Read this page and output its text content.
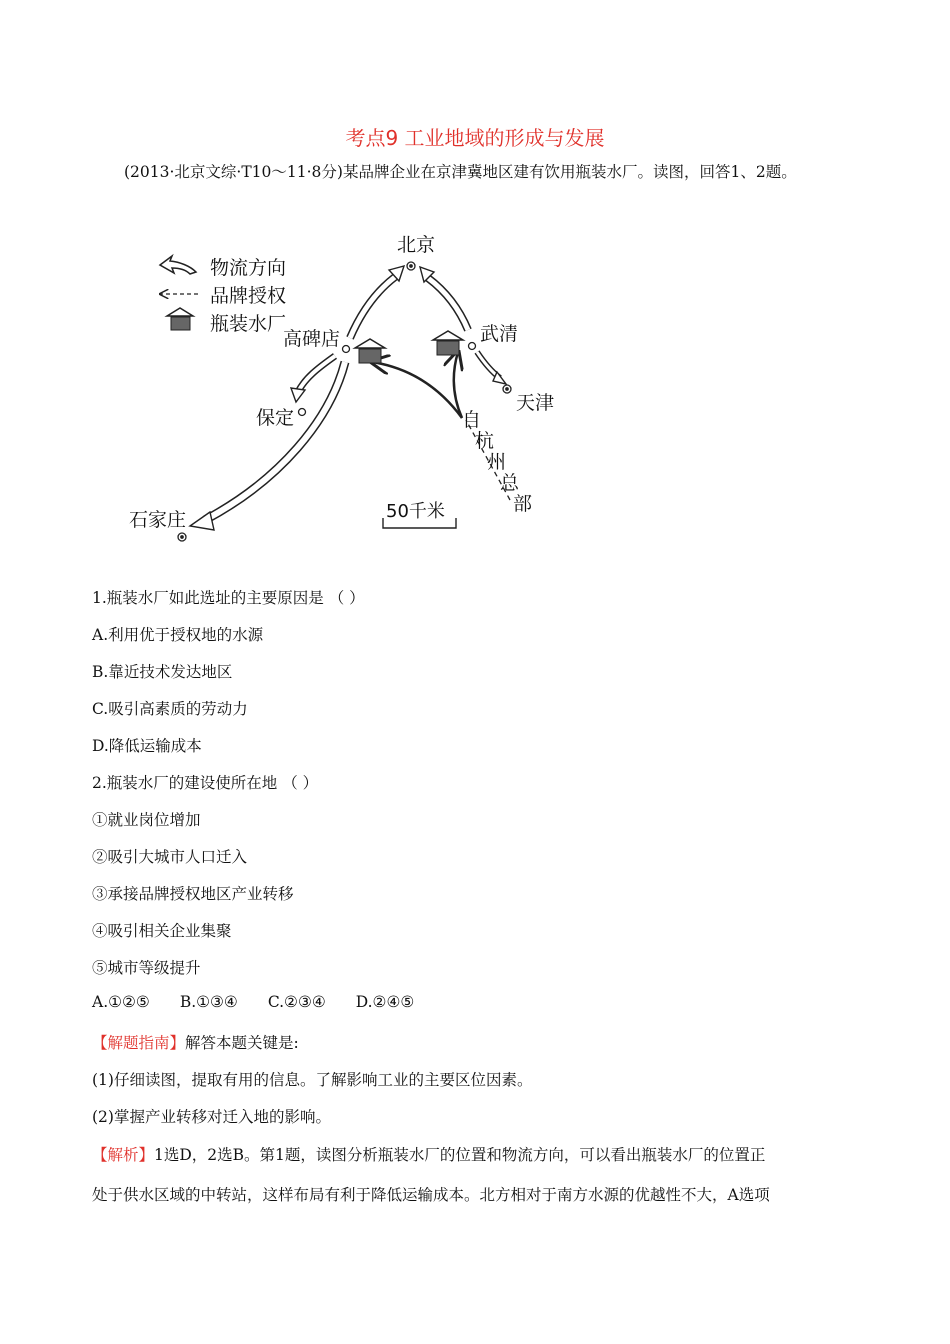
考点9 工业地域的形成与发展
(2013·北京文综·T10～11·8分)某品牌企业在京津冀地区建有饮用瓶装水厂。读图，回答1、2题。
物流方向
品牌授权
瓶装水厂
北京
高碑店	武清
天津
保定
石家庄
自
杭
州
总
部
50千米
1.瓶装水厂如此选址的主要原因是 （ ）
A.利用优于授权地的水源
B.靠近技术发达地区
C.吸引高素质的劳动力
D.降低运输成本
2.瓶装水厂的建设使所在地 （ ）
①就业岗位增加
②吸引大城市人口迁入
③承接品牌授权地区产业转移
④吸引相关企业集聚
⑤城市等级提升
A.①②⑤ B.①③④ C.②③④ D.②④⑤
【解题指南】解答本题关键是:
(1)仔细读图，提取有用的信息。了解影响工业的主要区位因素。
(2)掌握产业转移对迁入地的影响。
【解析】1选D，2选B。第1题，读图分析瓶装水厂的位置和物流方向，可以看出瓶装水厂的位置正
处于供水区域的中转站，这样布局有利于降低运输成本。北方相对于南方水源的优越性不大，A选项
